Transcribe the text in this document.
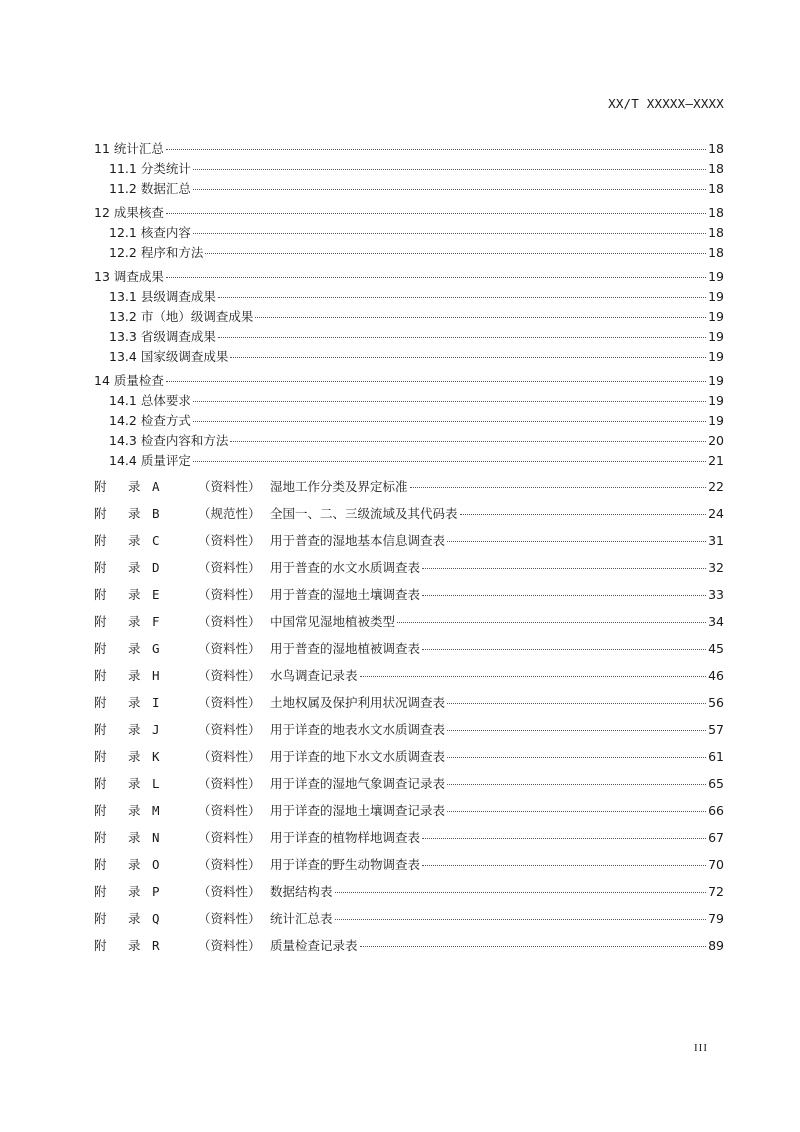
XX/T XXXXX—XXXX
11 统计汇总	18
11.1 分类统计	18
11.2 数据汇总	18
12 成果核查	18
12.1 核查内容	18
12.2 程序和方法	18
13 调查成果	19
13.1 县级调查成果	19
13.2 市（地）级调查成果	19
13.3 省级调查成果	19
13.4 国家级调查成果	19
14 质量检查	19
14.1 总体要求	19
14.2 检查方式	19
14.3 检查内容和方法	20
14.4 质量评定	21
附 录 A	（资料性） 湿地工作分类及界定标准	22
附 录 B	（规范性） 全国一、二、三级流域及其代码表	24
附 录 C	（资料性） 用于普查的湿地基本信息调查表	31
附 录 D	（资料性） 用于普查的水文水质调查表	32
附 录 E	（资料性） 用于普查的湿地土壤调查表	33
附 录 F	（资料性） 中国常见湿地植被类型	34
附 录 G	（资料性） 用于普查的湿地植被调查表	45
附 录 H	（资料性） 水鸟调查记录表	46
附 录 I	（资料性） 土地权属及保护利用状况调查表	56
附 录 J	（资料性） 用于详查的地表水文水质调查表	57
附 录 K	（资料性） 用于详查的地下水文水质调查表	61
附 录 L	（资料性） 用于详查的湿地气象调查记录表	65
附 录 M	（资料性） 用于详查的湿地土壤调查记录表	66
附 录 N	（资料性） 用于详查的植物样地调查表	67
附 录 O	（资料性） 用于详查的野生动物调查表	70
附 录 P	（资料性） 数据结构表	72
附 录 Q	（资料性） 统计汇总表	79
附 录 R	（资料性） 质量检查记录表	89
III
